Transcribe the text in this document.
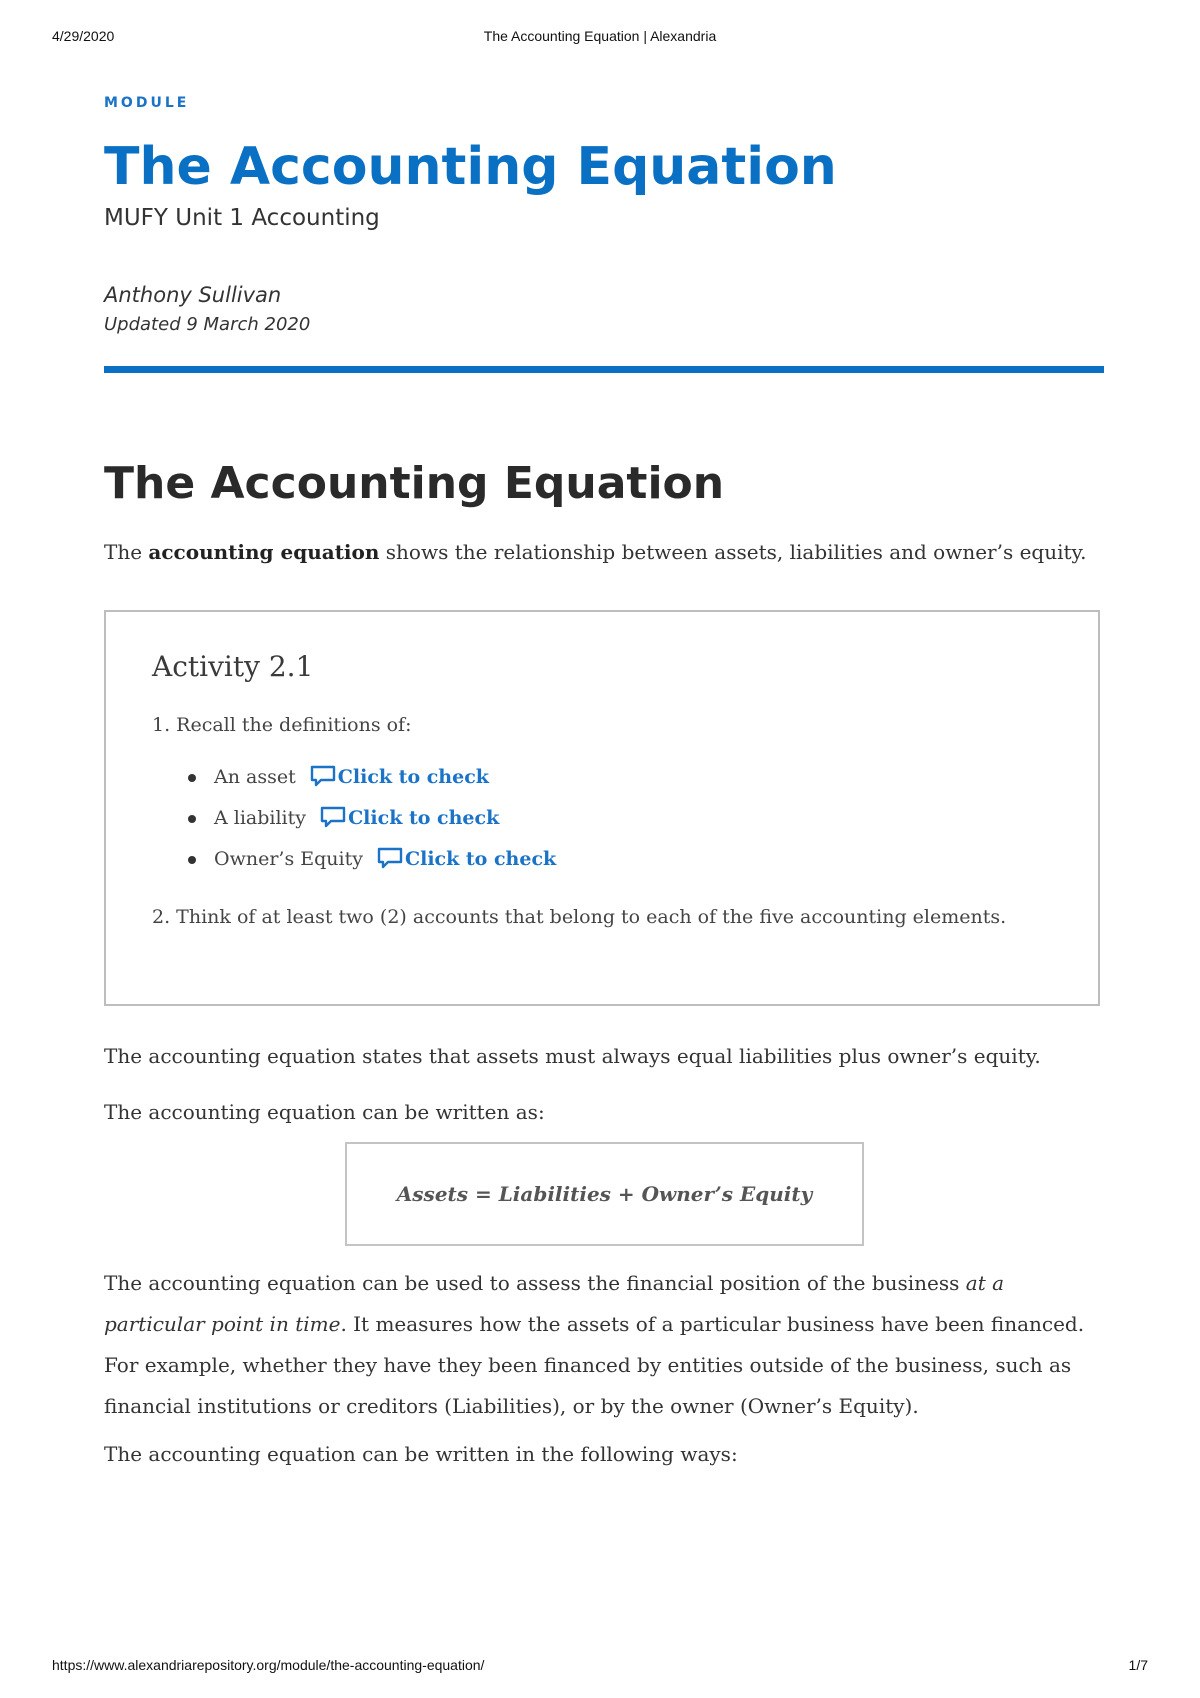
4/29/2020	The Accounting Equation | Alexandria
MODULE
The Accounting Equation
MUFY Unit 1 Accounting
Anthony Sullivan
Updated 9 March 2020
The Accounting Equation

The accounting equation shows the relationship between assets, liabilities and owner’s equity.

Activity 2.1

1. Recall the definitions of:

An asset Click to check
A liability Click to check
Owner’s Equity Click to check

2. Think of at least two (2) accounts that belong to each of the five accounting elements.

The accounting equation states that assets must always equal liabilities plus owner’s equity.

The accounting equation can be written as:

Assets = Liabilities + Owner’s Equity

The accounting equation can be used to assess the financial position of the business at a particular point in time. It measures how the assets of a particular business have been financed. For example, whether they have they been financed by entities outside of the business, such as financial institutions or creditors (Liabilities), or by the owner (Owner’s Equity).

The accounting equation can be written in the following ways:

https://www.alexandriarepository.org/module/the-accounting-equation/	1/7
